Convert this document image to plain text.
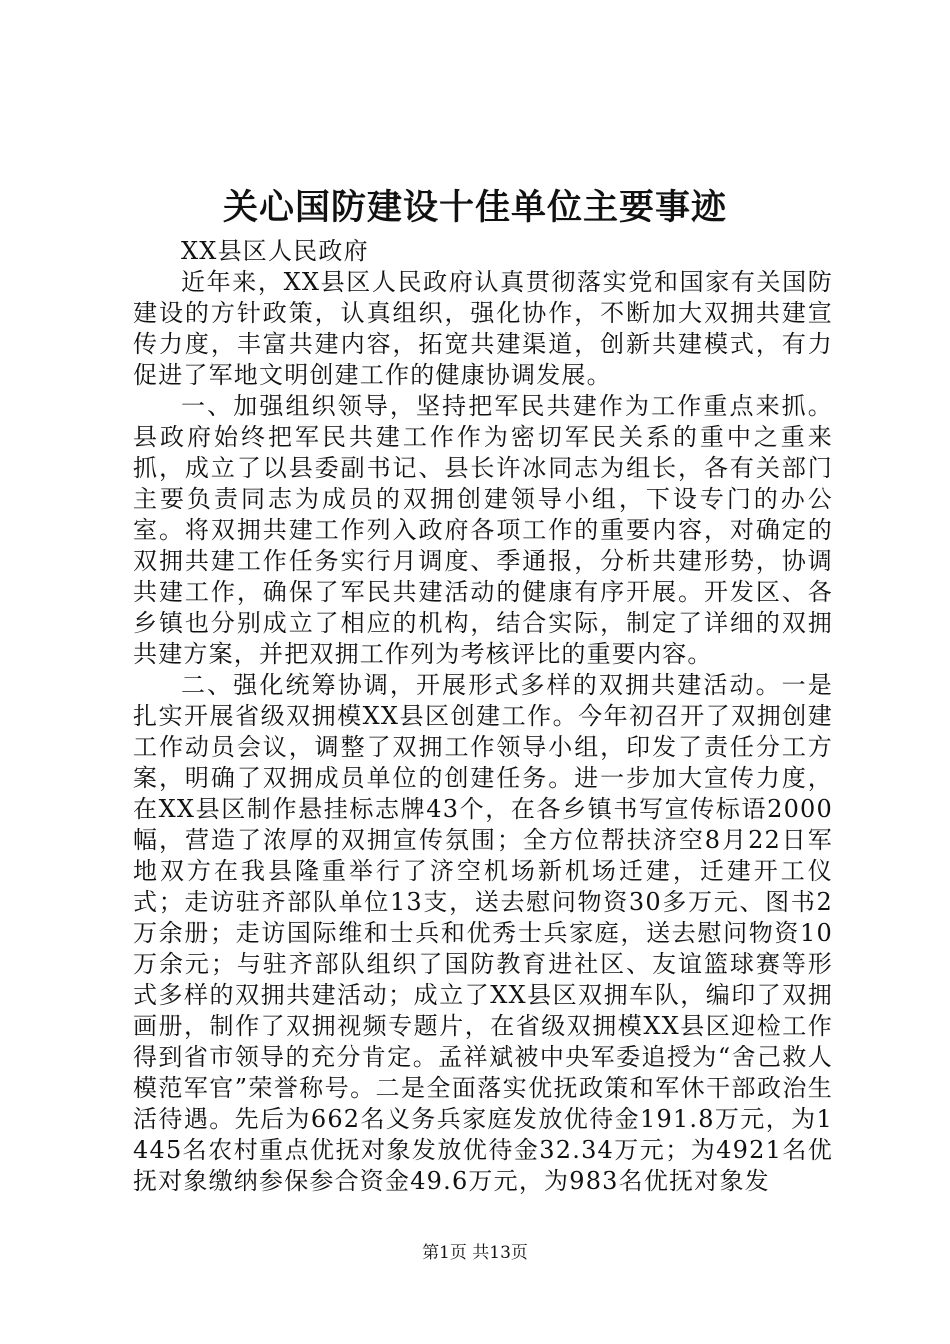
关心国防建设十佳单位主要事迹

XX县区人民政府

近年来，XX县区人民政府认真贯彻落实党和国家有关国防建设的方针政策，认真组织，强化协作，不断加大双拥共建宣传力度，丰富共建内容，拓宽共建渠道，创新共建模式，有力促进了军地文明创建工作的健康协调发展。

一、加强组织领导，坚持把军民共建作为工作重点来抓。县政府始终把军民共建工作作为密切军民关系的重中之重来抓，成立了以县委副书记、县长许冰同志为组长，各有关部门主要负责同志为成员的双拥创建领导小组，下设专门的办公室。将双拥共建工作列入政府各项工作的重要内容，对确定的双拥共建工作任务实行月调度、季通报，分析共建形势，协调共建工作，确保了军民共建活动的健康有序开展。开发区、各乡镇也分别成立了相应的机构，结合实际，制定了详细的双拥共建方案，并把双拥工作列为考核评比的重要内容。

二、强化统筹协调，开展形式多样的双拥共建活动。一是扎实开展省级双拥模XX县区创建工作。今年初召开了双拥创建工作动员会议，调整了双拥工作领导小组，印发了责任分工方案，明确了双拥成员单位的创建任务。进一步加大宣传力度，在XX县区制作悬挂标志牌43个，在各乡镇书写宣传标语2000幅，营造了浓厚的双拥宣传氛围；全方位帮扶济空8月22日军地双方在我县隆重举行了济空机场新机场迁建，迁建开工仪式；走访驻齐部队单位13支，送去慰问物资30多万元、图书2万余册；走访国际维和士兵和优秀士兵家庭，送去慰问物资10万余元；与驻齐部队组织了国防教育进社区、友谊篮球赛等形式多样的双拥共建活动；成立了XX县区双拥车队，编印了双拥画册，制作了双拥视频专题片，在省级双拥模XX县区迎检工作得到省市领导的充分肯定。孟祥斌被中央军委追授为“舍己救人模范军官”荣誉称号。二是全面落实优抚政策和军休干部政治生活待遇。先后为662名义务兵家庭发放优待金191.8万元，为1445名农村重点优抚对象发放优待金32.34万元；为4921名优抚对象缴纳参保参合资金49.6万元，为983名优抚对象发

第1页 共13页
